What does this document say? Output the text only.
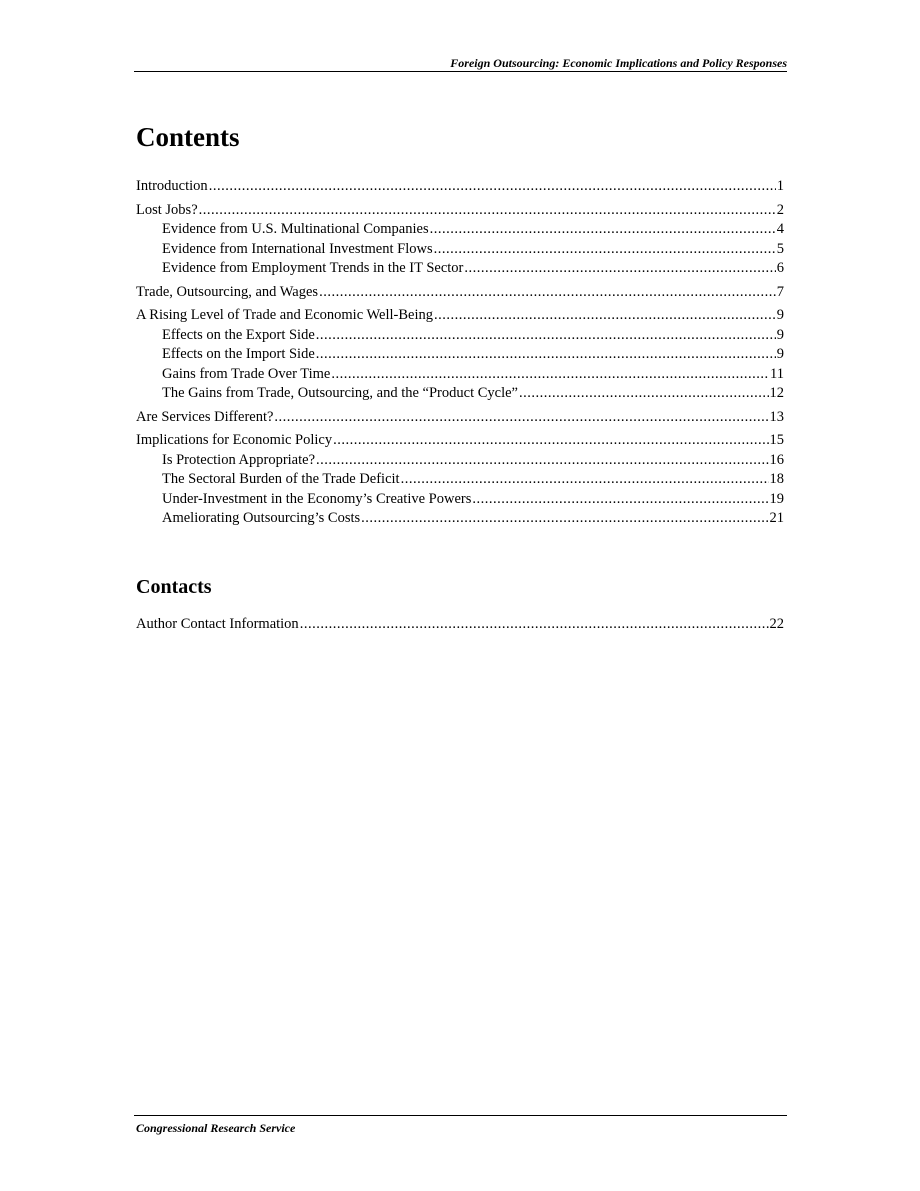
Foreign Outsourcing: Economic Implications and Policy Responses
Contents
Introduction .....	1
Lost Jobs? .....	2
Evidence from U.S. Multinational Companies .....	4
Evidence from International Investment Flows .....	5
Evidence from Employment Trends in the IT Sector .....	6
Trade, Outsourcing, and Wages .....	7
A Rising Level of Trade and Economic Well-Being .....	9
Effects on the Export Side .....	9
Effects on the Import Side .....	9
Gains from Trade Over Time .....	11
The Gains from Trade, Outsourcing, and the “Product Cycle” .....	12
Are Services Different? .....	13
Implications for Economic Policy .....	15
Is Protection Appropriate? .....	16
The Sectoral Burden of the Trade Deficit .....	18
Under-Investment in the Economy’s Creative Powers .....	19
Ameliorating Outsourcing’s Costs .....	21
Contacts
Author Contact Information .....	22
Congressional Research Service
